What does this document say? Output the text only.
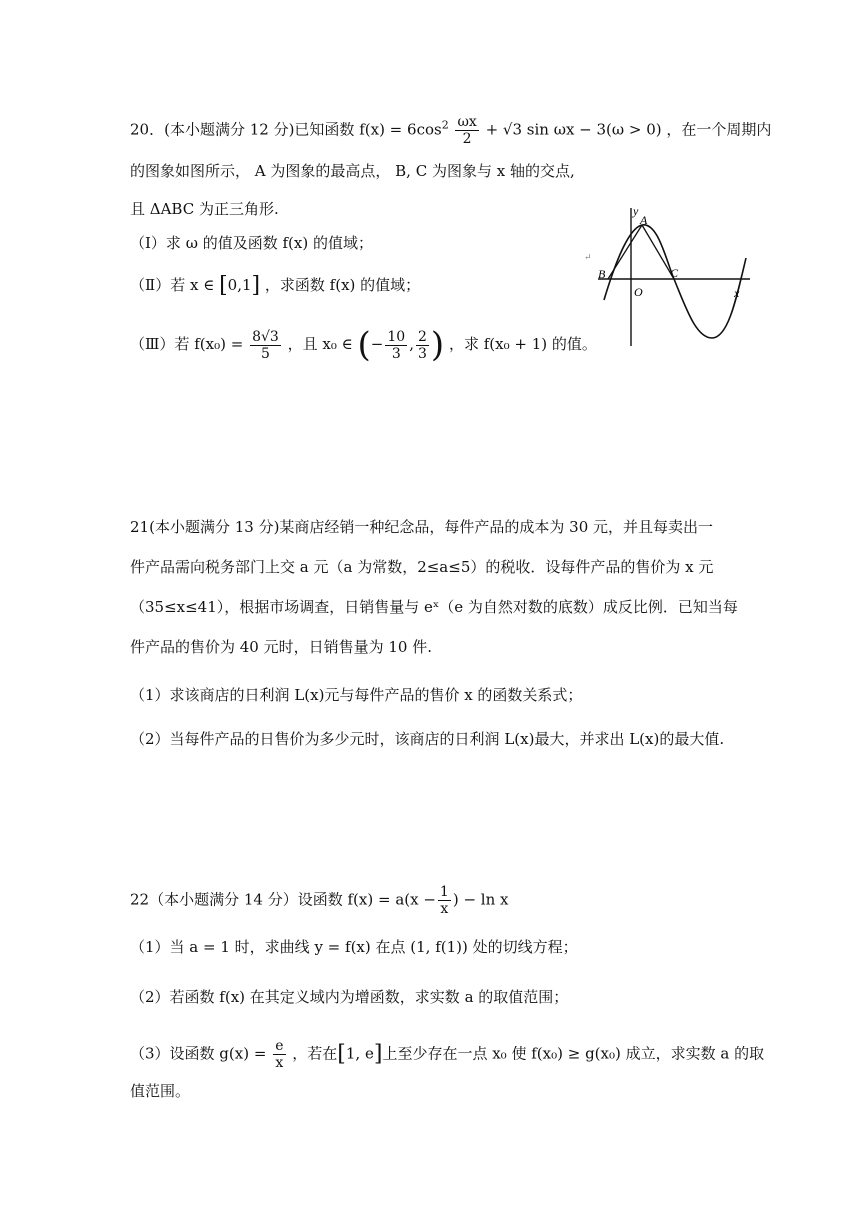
20．(本小题满分 12 分)已知函数 $f(x) = 6\cos^2 \frac{\omega x}{2} + √3$ sin ωx − 3(ω > 0) ，在一个周期内
的图象如图所示， A 为图象的最高点， B, C 为图象与 x 轴的交点,
且 ΔABC 为正三角形.
（Ⅰ）求 ω 的值及函数 f(x) 的值域；
（Ⅱ）若 x ∈ [0,1] ，求函数 f(x) 的值域；
（Ⅲ）若 $f(x_0) = \frac{8√3}{5}$ ，且 x₀ ∈ (− $\frac{10}{3}$ , $\frac{2}{3}$ ) ，求 f(x₀ + 1) 的值。
y
A
B
O
C
x
↵
21(本小题满分 13 分)某商店经销一种纪念品，每件产品的成本为 30 元，并且每卖出一
件产品需向税务部门上交 a 元（a 为常数，2≤a≤5）的税收．设每件产品的售价为 x 元
（35≤x≤41），根据市场调查，日销售量与 eˣ（e 为自然对数的底数）成反比例．已知当每
件产品的售价为 40 元时，日销售量为 10 件.
（1）求该商店的日利润 L(x)元与每件产品的售价 x 的函数关系式；
（2）当每件产品的日售价为多少元时，该商店的日利润 L(x)最大，并求出 L(x)的最大值.
22（本小题满分 14 分）设函数 $f(x) = a(x - \frac{1}{x}$ ) − ln x
（1）当 a = 1 时，求曲线 y = f(x) 在点 (1, f(1)) 处的切线方程；
（2）若函数 f(x) 在其定义域内为增函数，求实数 a 的取值范围；
（3）设函数 $g(x) = \frac{e}{x}$ ，若在[1, e]上至少存在一点 x₀ 使 f(x₀) ≥ g(x₀) 成立，求实数 a 的取
值范围。
